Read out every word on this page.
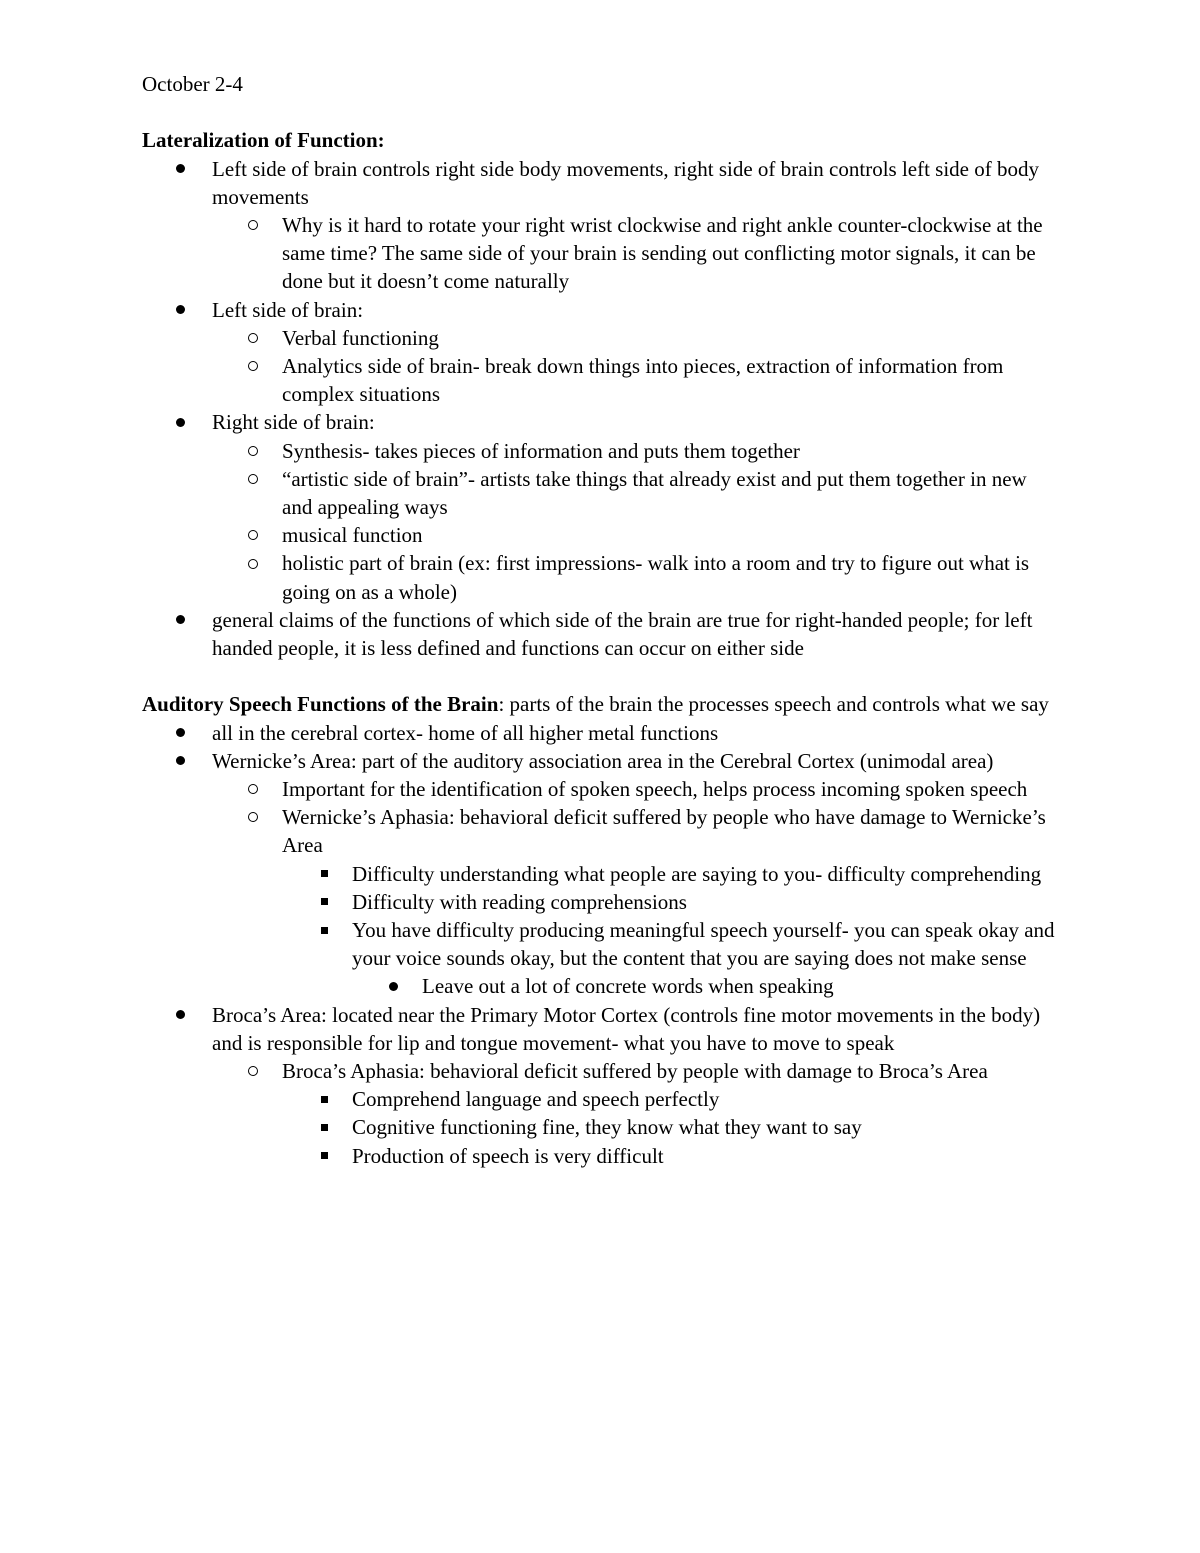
October 2-4
Lateralization of Function:
Left side of brain controls right side body movements, right side of brain controls left side of body movements
Why is it hard to rotate your right wrist clockwise and right ankle counter-clockwise at the same time? The same side of your brain is sending out conflicting motor signals, it can be done but it doesn’t come naturally
Left side of brain:
Verbal functioning
Analytics side of brain- break down things into pieces, extraction of information from complex situations
Right side of brain:
Synthesis- takes pieces of information and puts them together
“artistic side of brain”- artists take things that already exist and put them together in new and appealing ways
musical function
holistic part of brain (ex: first impressions- walk into a room and try to figure out what is going on as a whole)
general claims of the functions of which side of the brain are true for right-handed people; for left handed people, it is less defined and functions can occur on either side
Auditory Speech Functions of the Brain: parts of the brain the processes speech and controls what we say
all in the cerebral cortex- home of all higher metal functions
Wernicke’s Area: part of the auditory association area in the Cerebral Cortex (unimodal area)
Important for the identification of spoken speech, helps process incoming spoken speech
Wernicke’s Aphasia: behavioral deficit suffered by people who have damage to Wernicke’s Area
Difficulty understanding what people are saying to you- difficulty comprehending
Difficulty with reading comprehensions
You have difficulty producing meaningful speech yourself- you can speak okay and your voice sounds okay, but the content that you are saying does not make sense
Leave out a lot of concrete words when speaking
Broca’s Area: located near the Primary Motor Cortex (controls fine motor movements in the body) and is responsible for lip and tongue movement- what you have to move to speak
Broca’s Aphasia: behavioral deficit suffered by people with damage to Broca’s Area
Comprehend language and speech perfectly
Cognitive functioning fine, they know what they want to say
Production of speech is very difficult
